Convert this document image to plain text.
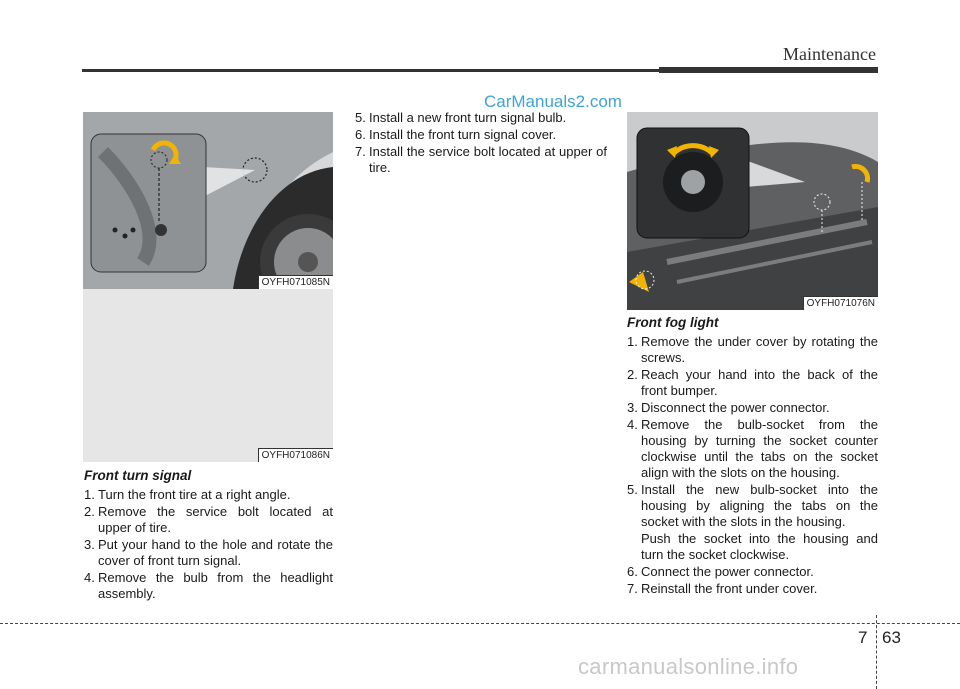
Maintenance
CarManuals2.com
OYFH071085N
OYFH071086N
OYFH071076N
Front turn signal
1. Turn the front tire at a right angle.
2. Remove the service bolt located at upper of tire.
3. Put your hand to the hole and rotate the cover of front turn signal.
4. Remove the bulb from the headlight assembly.
5. Install a new front turn signal bulb.
6. Install the front turn signal cover.
7. Install the service bolt located at upper of tire.
Front fog light
1. Remove the under cover by rotating the screws.
2. Reach your hand into the back of the front bumper.
3. Disconnect the power connector.
4. Remove the bulb-socket from the housing by turning the socket counter clockwise until the tabs on the socket align with the slots on the housing.
5. Install the new bulb-socket into the housing by aligning the tabs on the socket with the slots in the housing.
Push the socket into the housing and turn the socket clockwise.
6. Connect the power connector.
7. Reinstall the front under cover.
7 63
carmanualsonline.info
